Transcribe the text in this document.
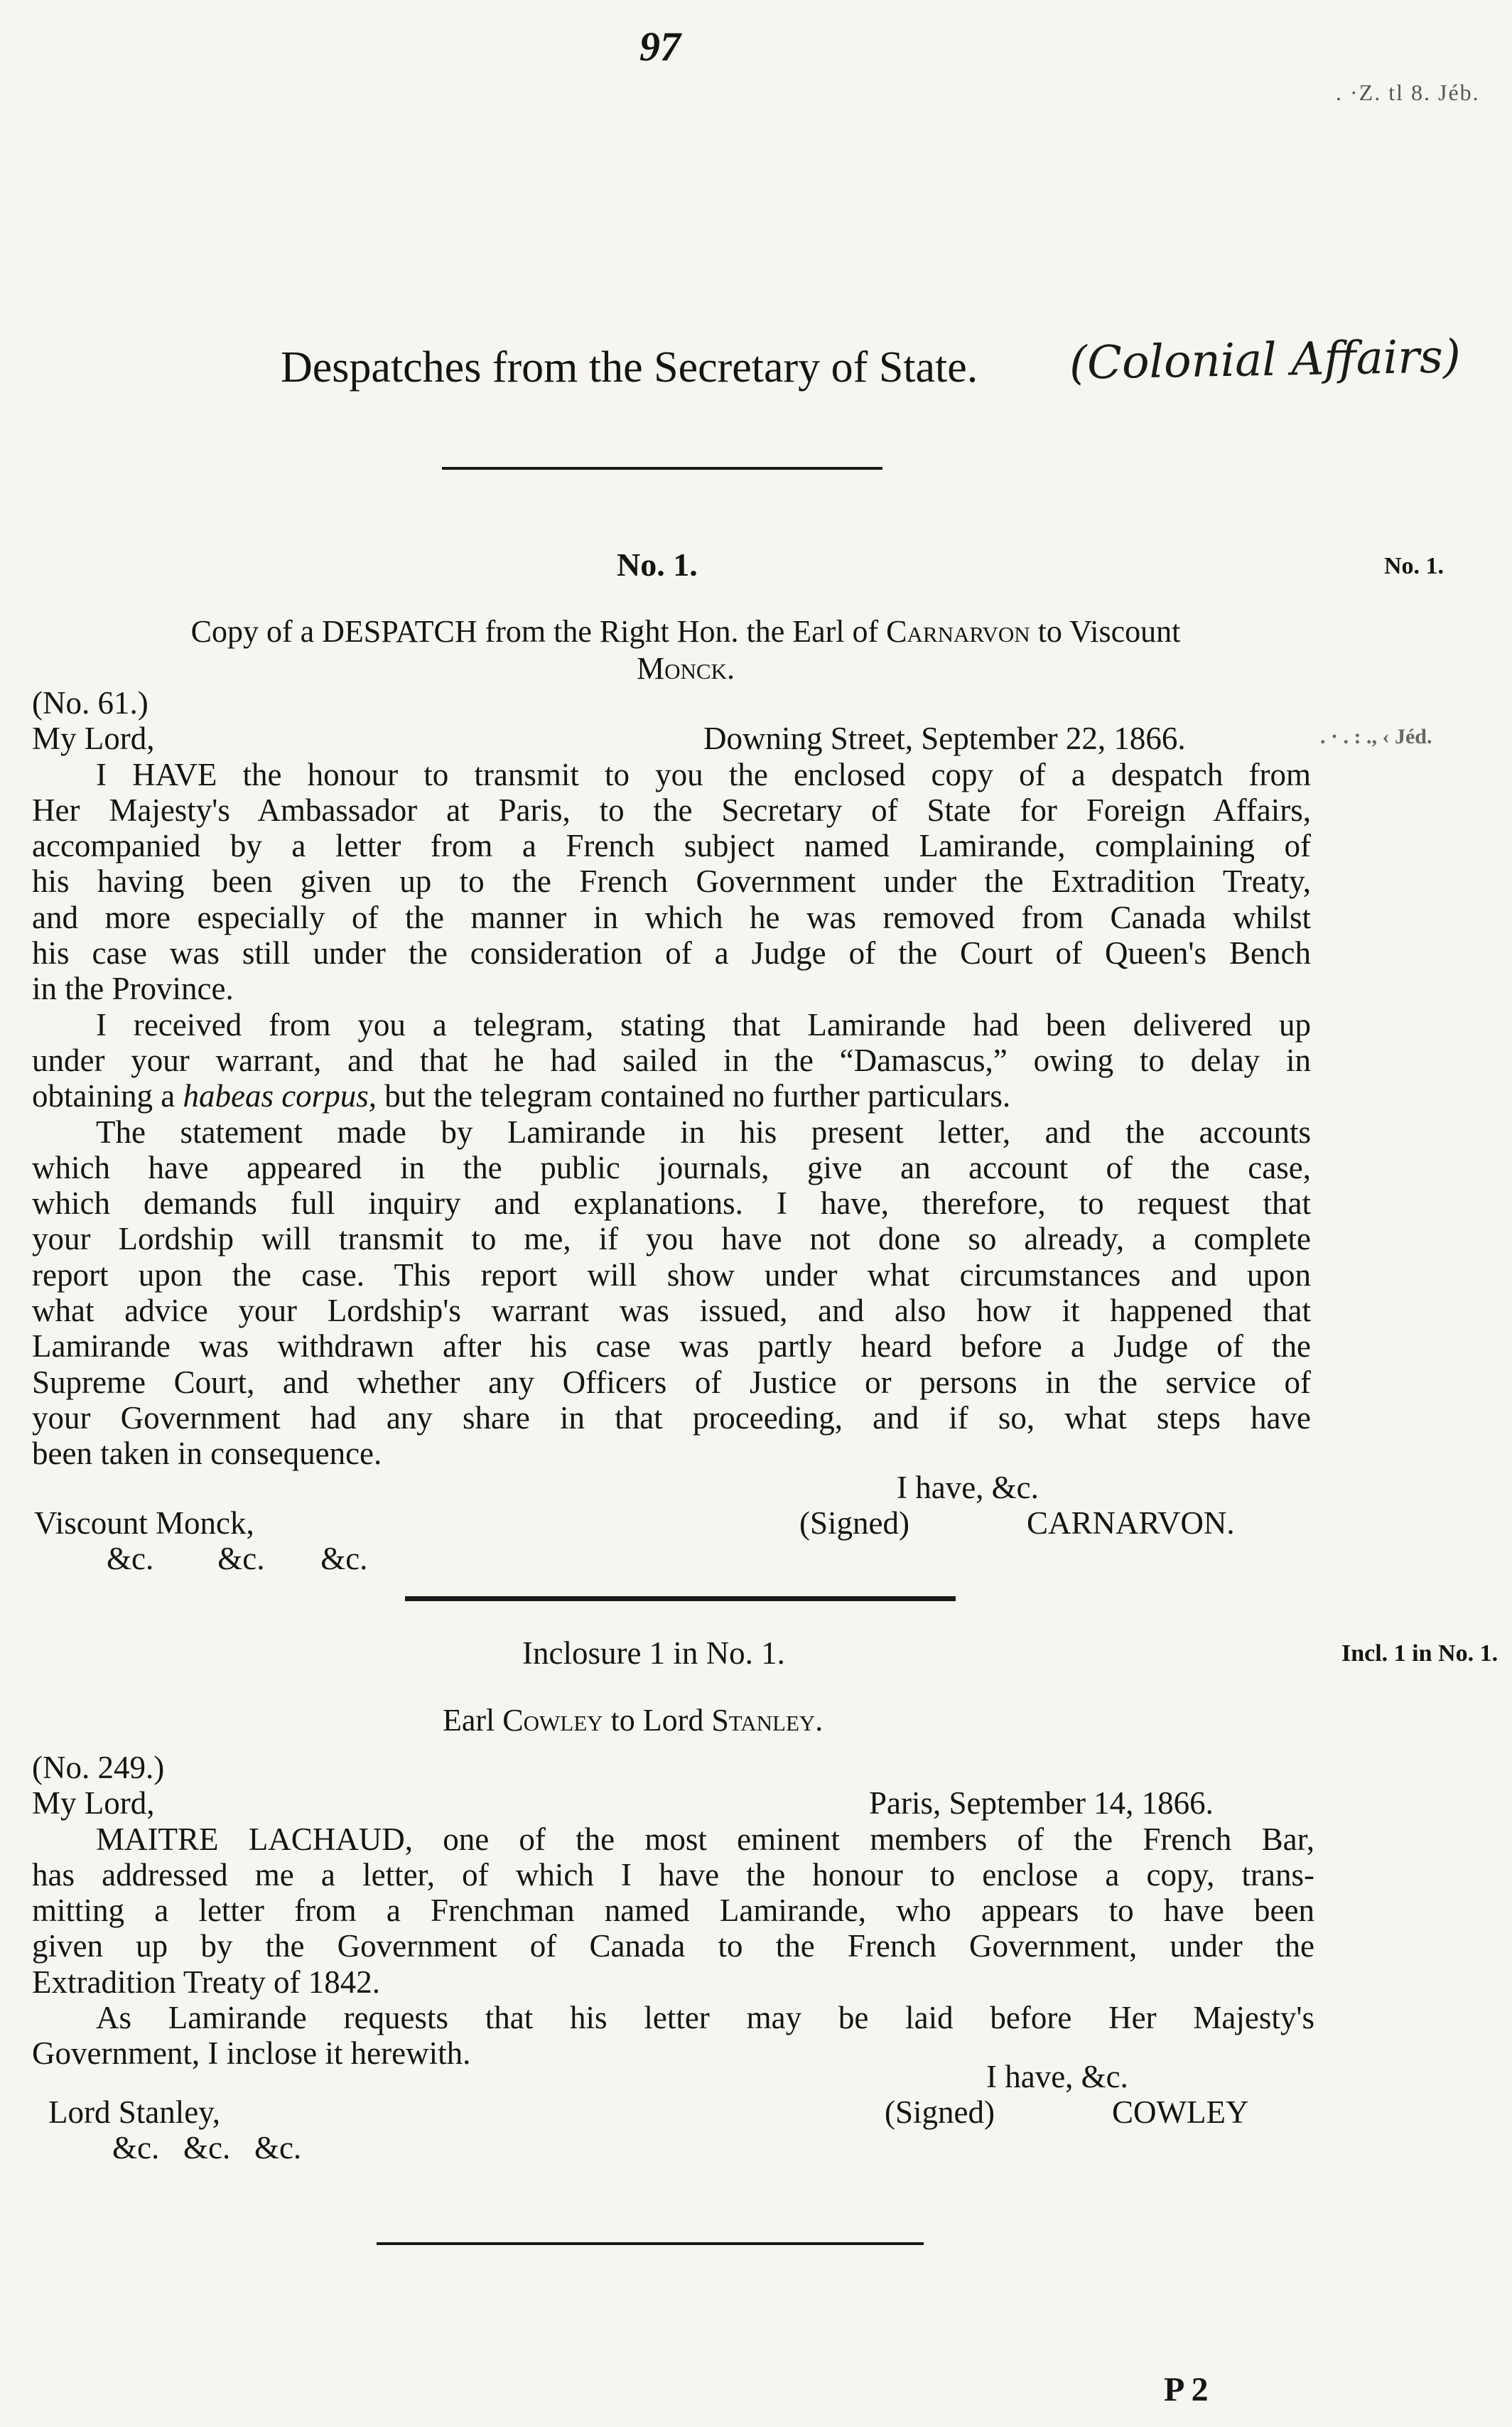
97
. ·Z. tl 8. Jéb.
Despatches from the Secretary of State. (Colonial Affairs)
No. 1.	No. 1.
Copy of a DESPATCH from the Right Hon. the Earl of Carnarvon to Viscount
Monck.
(No. 61.)
My Lord,	Downing Street, September 22, 1866.
I HAVE the honour to transmit to you the enclosed copy of a despatch from
Her Majesty's Ambassador at Paris, to the Secretary of State for Foreign Affairs,
accompanied by a letter from a French subject named Lamirande, complaining of
his having been given up to the French Government under the Extradition Treaty,
and more especially of the manner in which he was removed from Canada whilst
his case was still under the consideration of a Judge of the Court of Queen's Bench
in the Province.
I received from you a telegram, stating that Lamirande had been delivered up
under your warrant, and that he had sailed in the “Damascus,” owing to delay in
obtaining a habeas corpus, but the telegram contained no further particulars.
The statement made by Lamirande in his present letter, and the accounts
which have appeared in the public journals, give an account of the case,
which demands full inquiry and explanations. I have, therefore, to request that
your Lordship will transmit to me, if you have not done so already, a complete
report upon the case. This report will show under what circumstances and upon
what advice your Lordship's warrant was issued, and also how it happened that
Lamirande was withdrawn after his case was partly heard before a Judge of the
Supreme Court, and whether any Officers of Justice or persons in the service of
your Government had any share in that proceeding, and if so, what steps have
been taken in consequence.
. · . : ., ‹ Jéd.
I have, &c.
(Signed)	CARNARVON.
Viscount Monck,
&c.        &c.       &c.
Inclosure 1 in No. 1.	Incl. 1 in No. 1.
Earl Cowley to Lord Stanley.
(No. 249.)
My Lord,	Paris, September 14, 1866.
MAITRE LACHAUD, one of the most eminent members of the French Bar,
has addressed me a letter, of which I have the honour to enclose a copy, trans-
mitting a letter from a Frenchman named Lamirande, who appears to have been
given up by the Government of Canada to the French Government, under the
Extradition Treaty of 1842.
As Lamirande requests that his letter may be laid before Her Majesty's
Government, I inclose it herewith.
I have, &c.
(Signed)	COWLEY
Lord Stanley,
&c.   &c.   &c.
P 2
